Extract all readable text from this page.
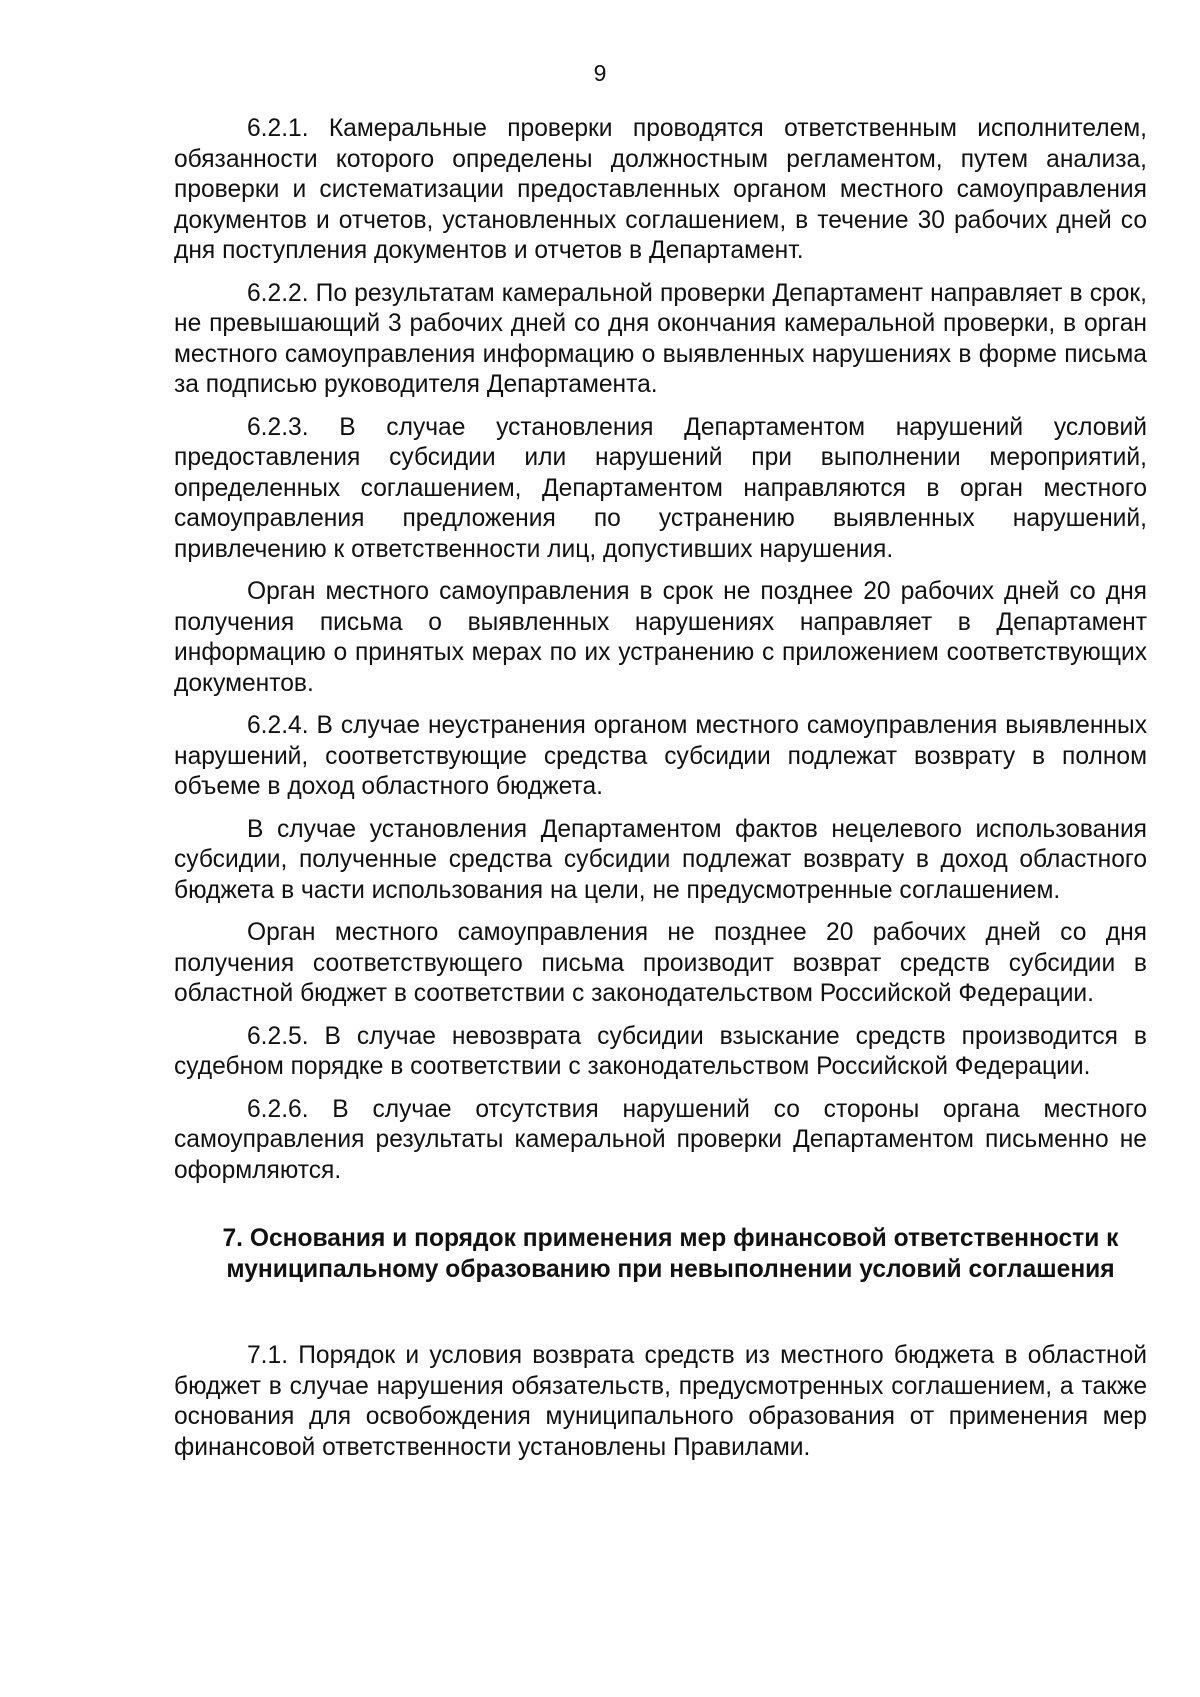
9

6.2.1. Камеральные проверки проводятся ответственным исполнителем, обязанности которого определены должностным регламентом, путем анализа, проверки и систематизации предоставленных органом местного самоуправления документов и отчетов, установленных соглашением, в течение 30 рабочих дней со дня поступления документов и отчетов в Департамент.

6.2.2. По результатам камеральной проверки Департамент направляет в срок, не превышающий 3 рабочих дней со дня окончания камеральной проверки, в орган местного самоуправления информацию о выявленных нарушениях в форме письма за подписью руководителя Департамента.

6.2.3. В случае установления Департаментом нарушений условий предоставления субсидии или нарушений при выполнении мероприятий, определенных соглашением, Департаментом направляются в орган местного самоуправления предложения по устранению выявленных нарушений, привлечению к ответственности лиц, допустивших нарушения.

Орган местного самоуправления в срок не позднее 20 рабочих дней со дня получения письма о выявленных нарушениях направляет в Департамент информацию о принятых мерах по их устранению с приложением соответствующих документов.

6.2.4. В случае неустранения органом местного самоуправления выявленных нарушений, соответствующие средства субсидии подлежат возврату в полном объеме в доход областного бюджета.

В случае установления Департаментом фактов нецелевого использования субсидии, полученные средства субсидии подлежат возврату в доход областного бюджета в части использования на цели, не предусмотренные соглашением.

Орган местного самоуправления не позднее 20 рабочих дней со дня получения соответствующего письма производит возврат средств субсидии в областной бюджет в соответствии с законодательством Российской Федерации.

6.2.5. В случае невозврата субсидии взыскание средств производится в судебном порядке в соответствии с законодательством Российской Федерации.

6.2.6. В случае отсутствия нарушений со стороны органа местного самоуправления результаты камеральной проверки Департаментом письменно не оформляются.

7. Основания и порядок применения мер финансовой ответственности к муниципальному образованию при невыполнении условий соглашения

7.1. Порядок и условия возврата средств из местного бюджета в областной бюджет в случае нарушения обязательств, предусмотренных соглашением, а также основания для освобождения муниципального образования от применения мер финансовой ответственности установлены Правилами.
